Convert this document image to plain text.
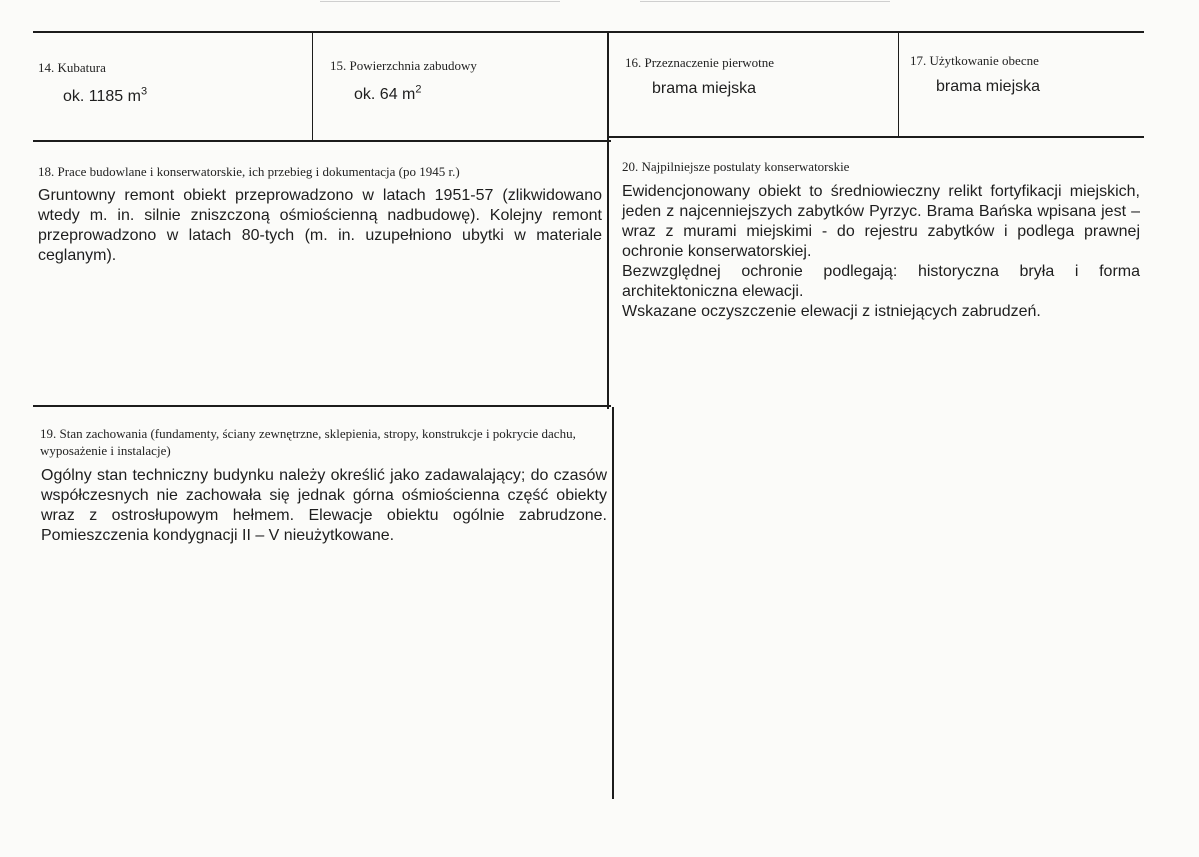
14. Kubatura
ok. 1185 $m^3$
15. Powierzchnia zabudowy
ok. 64 $m^2$
16. Przeznaczenie pierwotne
brama miejska
17. Użytkowanie obecne
brama miejska
18. Prace budowlane i konserwatorskie, ich przebieg i dokumentacja (po 1945 r.)
Gruntowny remont obiekt przeprowadzono w latach 1951-57 (zlikwidowano wtedy m. in. silnie zniszczoną ośmiościenną nadbudowę). Kolejny remont przeprowadzono w latach 80-tych (m. in. uzupełniono ubytki w materiale ceglanym).
19. Stan zachowania (fundamenty, ściany zewnętrzne, sklepienia, stropy, konstrukcje i pokrycie dachu, wyposażenie i instalacje)
Ogólny stan techniczny budynku należy określić jako zadawalający; do czasów współczesnych nie zachowała się jednak górna ośmiościenna część obiekty wraz z ostrosłupowym hełmem. Elewacje obiektu ogólnie zabrudzone. Pomieszczenia kondygnacji II – V nieużytkowane.
20. Najpilniejsze postulaty konserwatorskie

Ewidencjonowany obiekt to średniowieczny relikt fortyfikacji miejskich, jeden z najcenniejszych zabytków Pyrzyc. Brama Bańska wpisana jest – wraz z murami miejskimi - do rejestru zabytków i podlega prawnej ochronie konserwatorskiej.

Bezwzględnej ochronie podlegają: historyczna bryła i forma architektoniczna elewacji.

Wskazane oczyszczenie elewacji z istniejących zabrudzeń.
